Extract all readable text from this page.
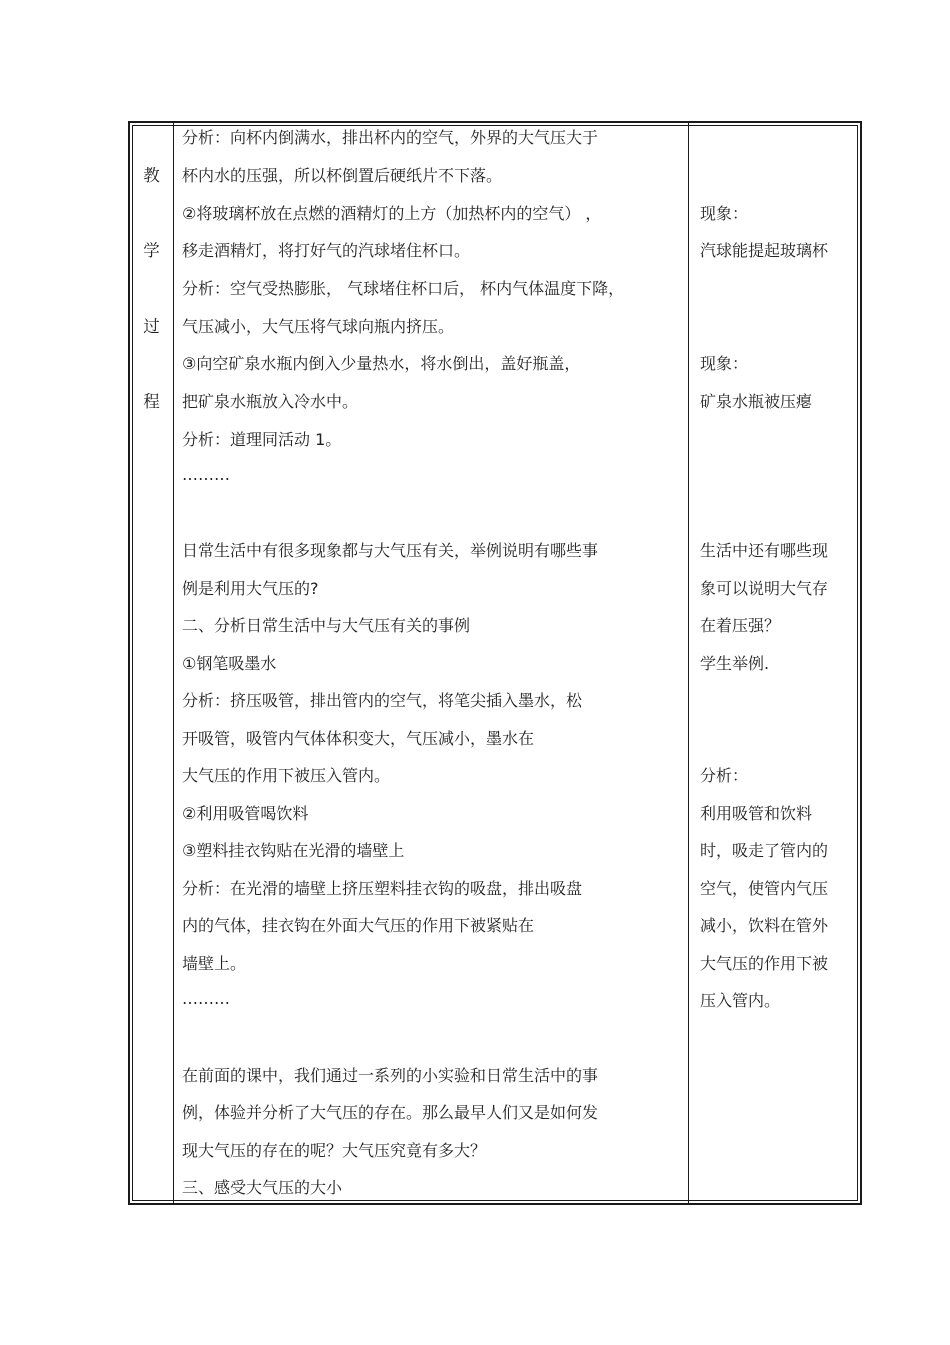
教
学
过
程
分析：向杯内倒满水，排出杯内的空气，外界的大气压大于
杯内水的压强，所以杯倒置后硬纸片不下落。
②将玻璃杯放在点燃的酒精灯的上方（加热杯内的空气） ，
移走酒精灯，将打好气的汽球堵住杯口。
分析：空气受热膨胀， 气球堵住杯口后， 杯内气体温度下降，
气压减小，大气压将气球向瓶内挤压。
③向空矿泉水瓶内倒入少量热水，将水倒出，盖好瓶盖，
把矿泉水瓶放入冷水中。
分析：道理同活动 1。
………
日常生活中有很多现象都与大气压有关，举例说明有哪些事
例是利用大气压的?
二、分析日常生活中与大气压有关的事例
①钢笔吸墨水
分析：挤压吸管，排出管内的空气，将笔尖插入墨水，松
开吸管，吸管内气体体积变大，气压减小，墨水在
大气压的作用下被压入管内。
②利用吸管喝饮料
③塑料挂衣钩贴在光滑的墙壁上
分析：在光滑的墙壁上挤压塑料挂衣钩的吸盘，排出吸盘
内的气体，挂衣钩在外面大气压的作用下被紧贴在
墙壁上。
………
在前面的课中，我们通过一系列的小实验和日常生活中的事
例，体验并分析了大气压的存在。那么最早人们又是如何发
现大气压的存在的呢？大气压究竟有多大？
三、感受大气压的大小
现象：
汽球能提起玻璃杯
现象：
矿泉水瓶被压瘪
生活中还有哪些现
象可以说明大气存
在着压强？
学生举例.
分析：
利用吸管和饮料
时，吸走了管内的
空气，使管内气压
减小，饮料在管外
大气压的作用下被
压入管内。
